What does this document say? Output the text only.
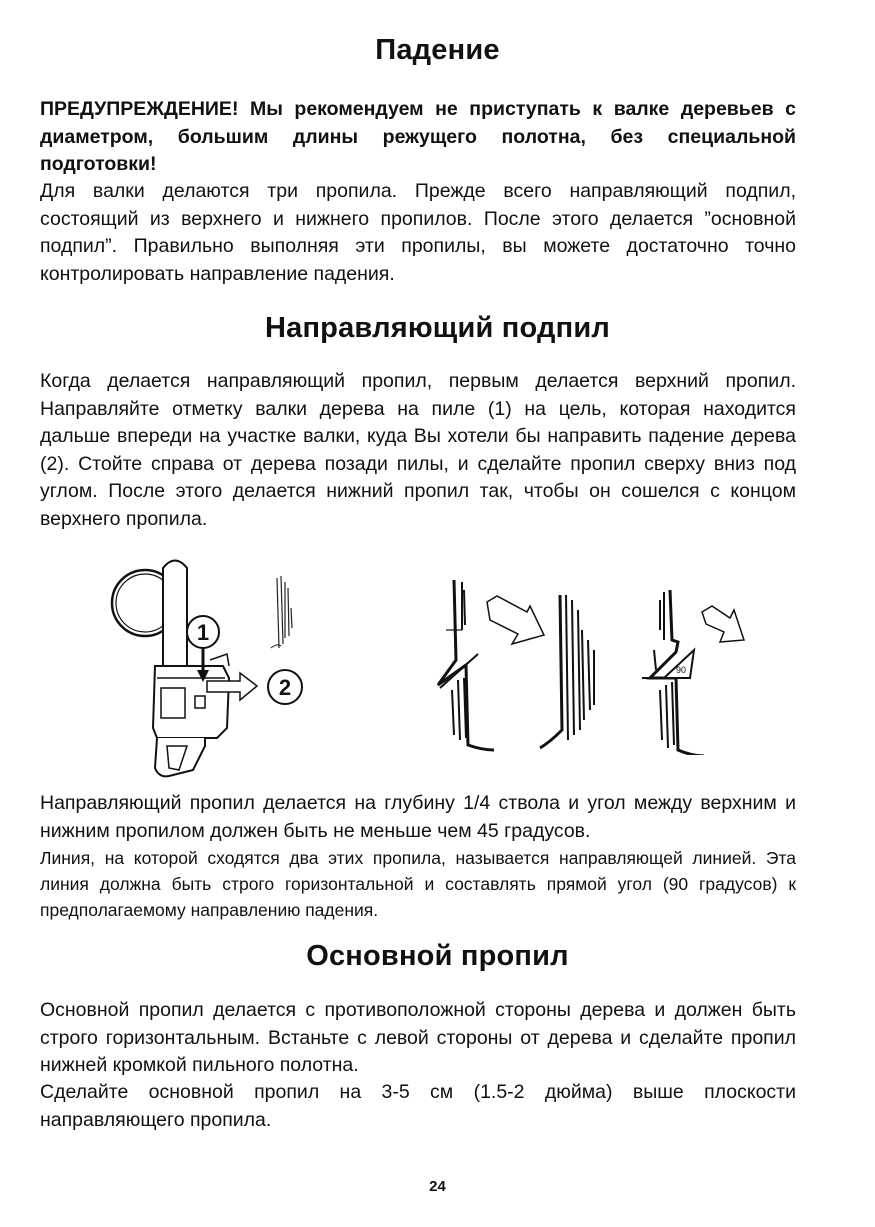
Падение
ПРЕДУПРЕЖДЕНИЕ! Мы рекомендуем не приступать к валке деревьев с диаметром, большим длины режущего полотна, без специальной подготовки!
Для валки делаются три пропила. Прежде всего направляющий подпил, состоящий из верхнего и нижнего пропилов. После этого делается ”основной подпил”. Правильно выполняя эти пропилы, вы можете достаточно точно контролировать направление падения.
Направляющий подпил
Когда делается направляющий пропил, первым делается верхний пропил. Направляйте отметку валки дерева на пиле (1) на цель, которая находится дальше впереди на участке валки, куда Вы хотели бы направить падение дерева (2). Стойте справа от дерева позади пилы, и сделайте пропил сверху вниз под углом. После этого делается нижний пропил так, чтобы он сошелся с концом верхнего пропила.
1
2
90
Направляющий пропил делается на глубину 1/4 ствола и угол между верхним и нижним пропилом должен быть не меньше чем 45 градусов.
Линия, на которой сходятся два этих пропила, называется направляющей линией. Эта линия должна быть строго горизонтальной и составлять прямой угол (90 градусов) к предполагаемому направлению падения.
Основной пропил
Основной пропил делается с противоположной стороны дерева и должен быть строго горизонтальным. Встаньте с левой стороны от дерева и сделайте пропил нижней кромкой пильного полотна.
Сделайте основной пропил на 3-5 см (1.5-2 дюйма) выше плоскости направляющего пропила.
24
